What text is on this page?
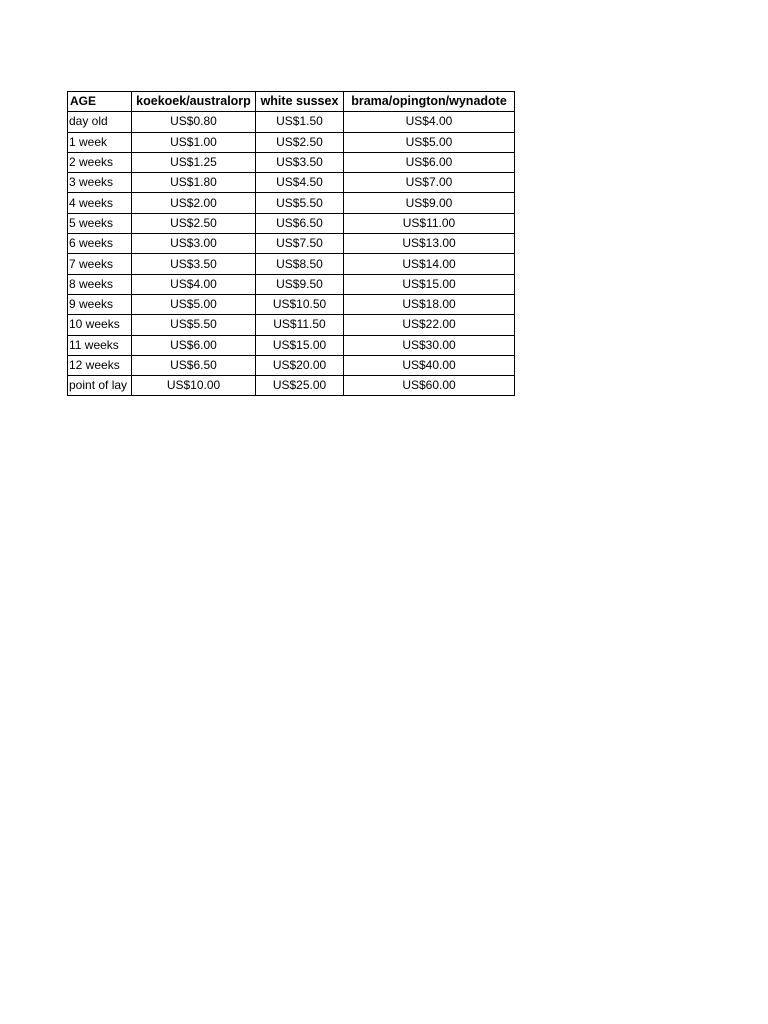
AGE	koekoek/australorp	white sussex	brama/opington/wynadote
day old	US$0.80	US$1.50	US$4.00
1 week	US$1.00	US$2.50	US$5.00
2 weeks	US$1.25	US$3.50	US$6.00
3 weeks	US$1.80	US$4.50	US$7.00
4 weeks	US$2.00	US$5.50	US$9.00
5 weeks	US$2.50	US$6.50	US$11.00
6 weeks	US$3.00	US$7.50	US$13.00
7 weeks	US$3.50	US$8.50	US$14.00
8 weeks	US$4.00	US$9.50	US$15.00
9 weeks	US$5.00	US$10.50	US$18.00
10 weeks	US$5.50	US$11.50	US$22.00
11 weeks	US$6.00	US$15.00	US$30.00
12 weeks	US$6.50	US$20.00	US$40.00
point of lay	US$10.00	US$25.00	US$60.00
